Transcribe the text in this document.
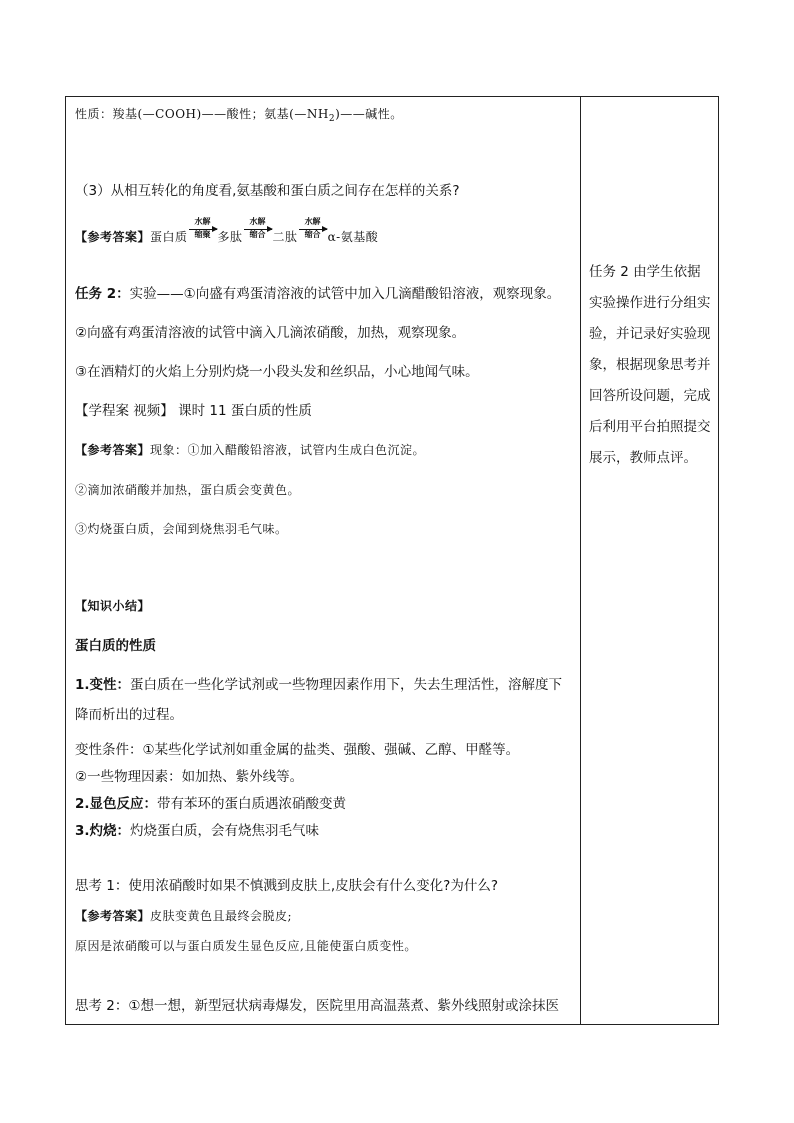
性质：羧基(—COOH)——酸性；氨基$(—NH_2)——$碱性。
（3）从相互转化的角度看,氨基酸和蛋白质之间存在怎样的关系?
【参考答案】蛋白质
水解
缩聚 多肽
水解
缩合 二肽
水解
缩合 α-氨基酸
任务 2：实验——①向盛有鸡蛋清溶液的试管中加入几滴醋酸铅溶液，观察现象。
②向盛有鸡蛋清溶液的试管中滴入几滴浓硝酸，加热，观察现象。
③在酒精灯的火焰上分别灼烧一小段头发和丝织品，小心地闻气味。
【学程案 视频】 课时 11 蛋白质的性质
【参考答案】现象：①加入醋酸铅溶液，试管内生成白色沉淀。
②滴加浓硝酸并加热，蛋白质会变黄色。
③灼烧蛋白质，会闻到烧焦羽毛气味。
【知识小结】
蛋白质的性质
1.变性：蛋白质在一些化学试剂或一些物理因素作用下，失去生理活性，溶解度下降而析出的过程。
变性条件：①某些化学试剂如重金属的盐类、强酸、强碱、乙醇、甲醛等。
②一些物理因素：如加热、紫外线等。
2.显色反应：带有苯环的蛋白质遇浓硝酸变黄
3.灼烧：灼烧蛋白质，会有烧焦羽毛气味
思考 1：使用浓硝酸时如果不慎溅到皮肤上,皮肤会有什么变化?为什么?
【参考答案】皮肤变黄色且最终会脱皮;
原因是浓硝酸可以与蛋白质发生显色反应,且能使蛋白质变性。
思考 2：①想一想，新型冠状病毒爆发，医院里用高温蒸煮、紫外线照射或涂抹医
任务 2 由学生依据实验操作进行分组实验，并记录好实验现象，根据现象思考并回答所设问题，完成后利用平台拍照提交展示，教师点评。
